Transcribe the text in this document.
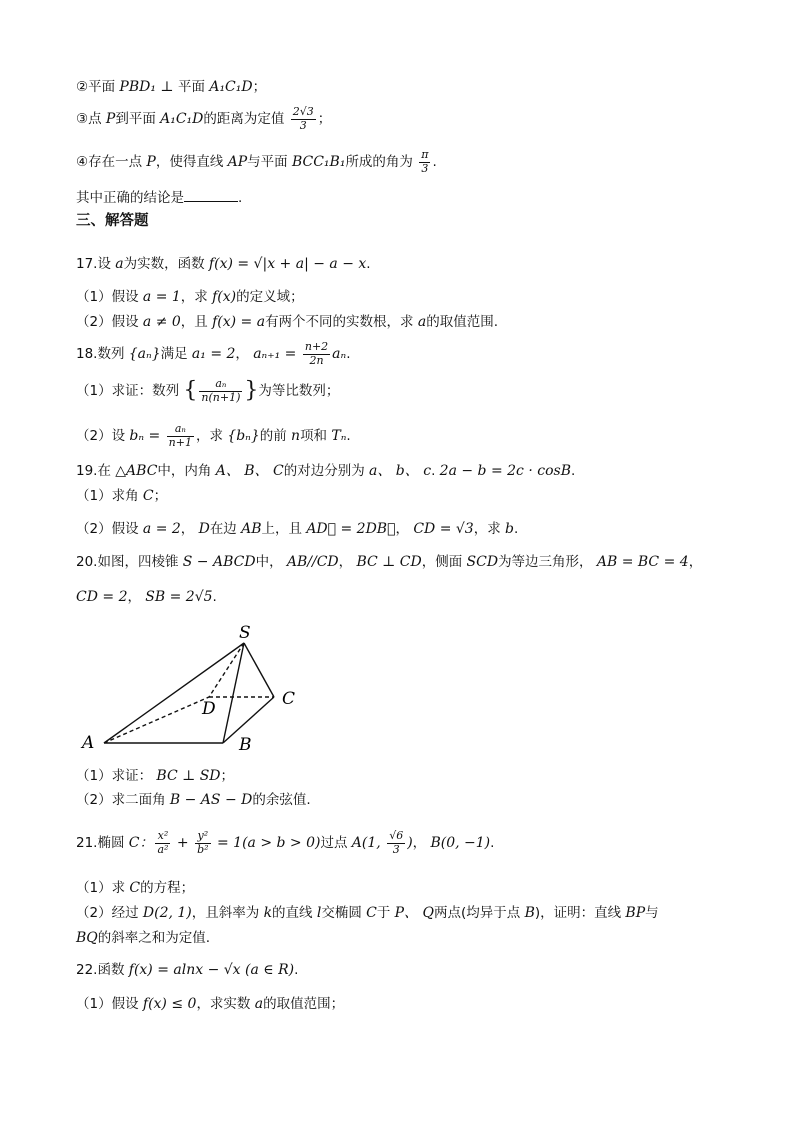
②平面 PBD₁ ⊥ 平面 A₁C₁D；
③点 P到平面 A₁C₁D的距离为定值 $\frac{2√3}{3}$ ；
④存在一点 P，使得直线 AP与平面 BCC₁B₁所成的角为 $\frac{\pi}{3}$ .
其中正确的结论是	.
三、解答题
17.设 a为实数，函数 f(x) = √|x + a| − a − x.
（1）假设 a = 1，求 f(x)的定义域；
（2）假设 a ≠ 0，且 f(x) = a有两个不同的实数根，求 a的取值范围.
18.数列 {aₙ}满足 a₁ = 2， $a_{n+1} = \frac{n+2}{2n} a_n$.
（1）求证：数列 { $\frac{\text{aₙ}}{n(n+1)}$ }为等比数列；
（2）设 $b_n = \frac{\text{aₙ}}{n+1}$ ，求 {bₙ}的前 n项和 Tₙ.
19.在 △ABC中，内角 A、 B、 C的对边分别为 a、 b、 c. 2a − b = 2c · cosB.
（1）求角 C；
（2）假设 a = 2， D在边 AB上，且 AD⃗ = 2DB⃗， CD = √3，求 b.
20.如图，四棱锥 S − ABCD中， AB//CD， BC ⊥ CD，侧面 SCD为等边三角形， AB = BC = 4，
CD = 2， SB = 2√5.
S
A	B
C
D
（1）求证： BC ⊥ SD；
（2）求二面角 B − AS − D的余弦值.
21.椭圆 C： $\frac{\text{x²}}{\text{a²}} + \frac{\text{y²}}{\text{b²}} = 1(a > b > 0)$过点 A(1, $\frac{√6}{3}$ )， B(0, −1).
（1）求 C的方程；
（2）经过 D(2, 1)，且斜率为 k的直线 l交椭圆 C于 P、 Q两点(均异于点 B)，证明：直线 BP与
BQ的斜率之和为定值.
22.函数 f(x) = alnx − √x (a ∈ R).
（1）假设 f(x) ≤ 0，求实数 a的取值范围；
